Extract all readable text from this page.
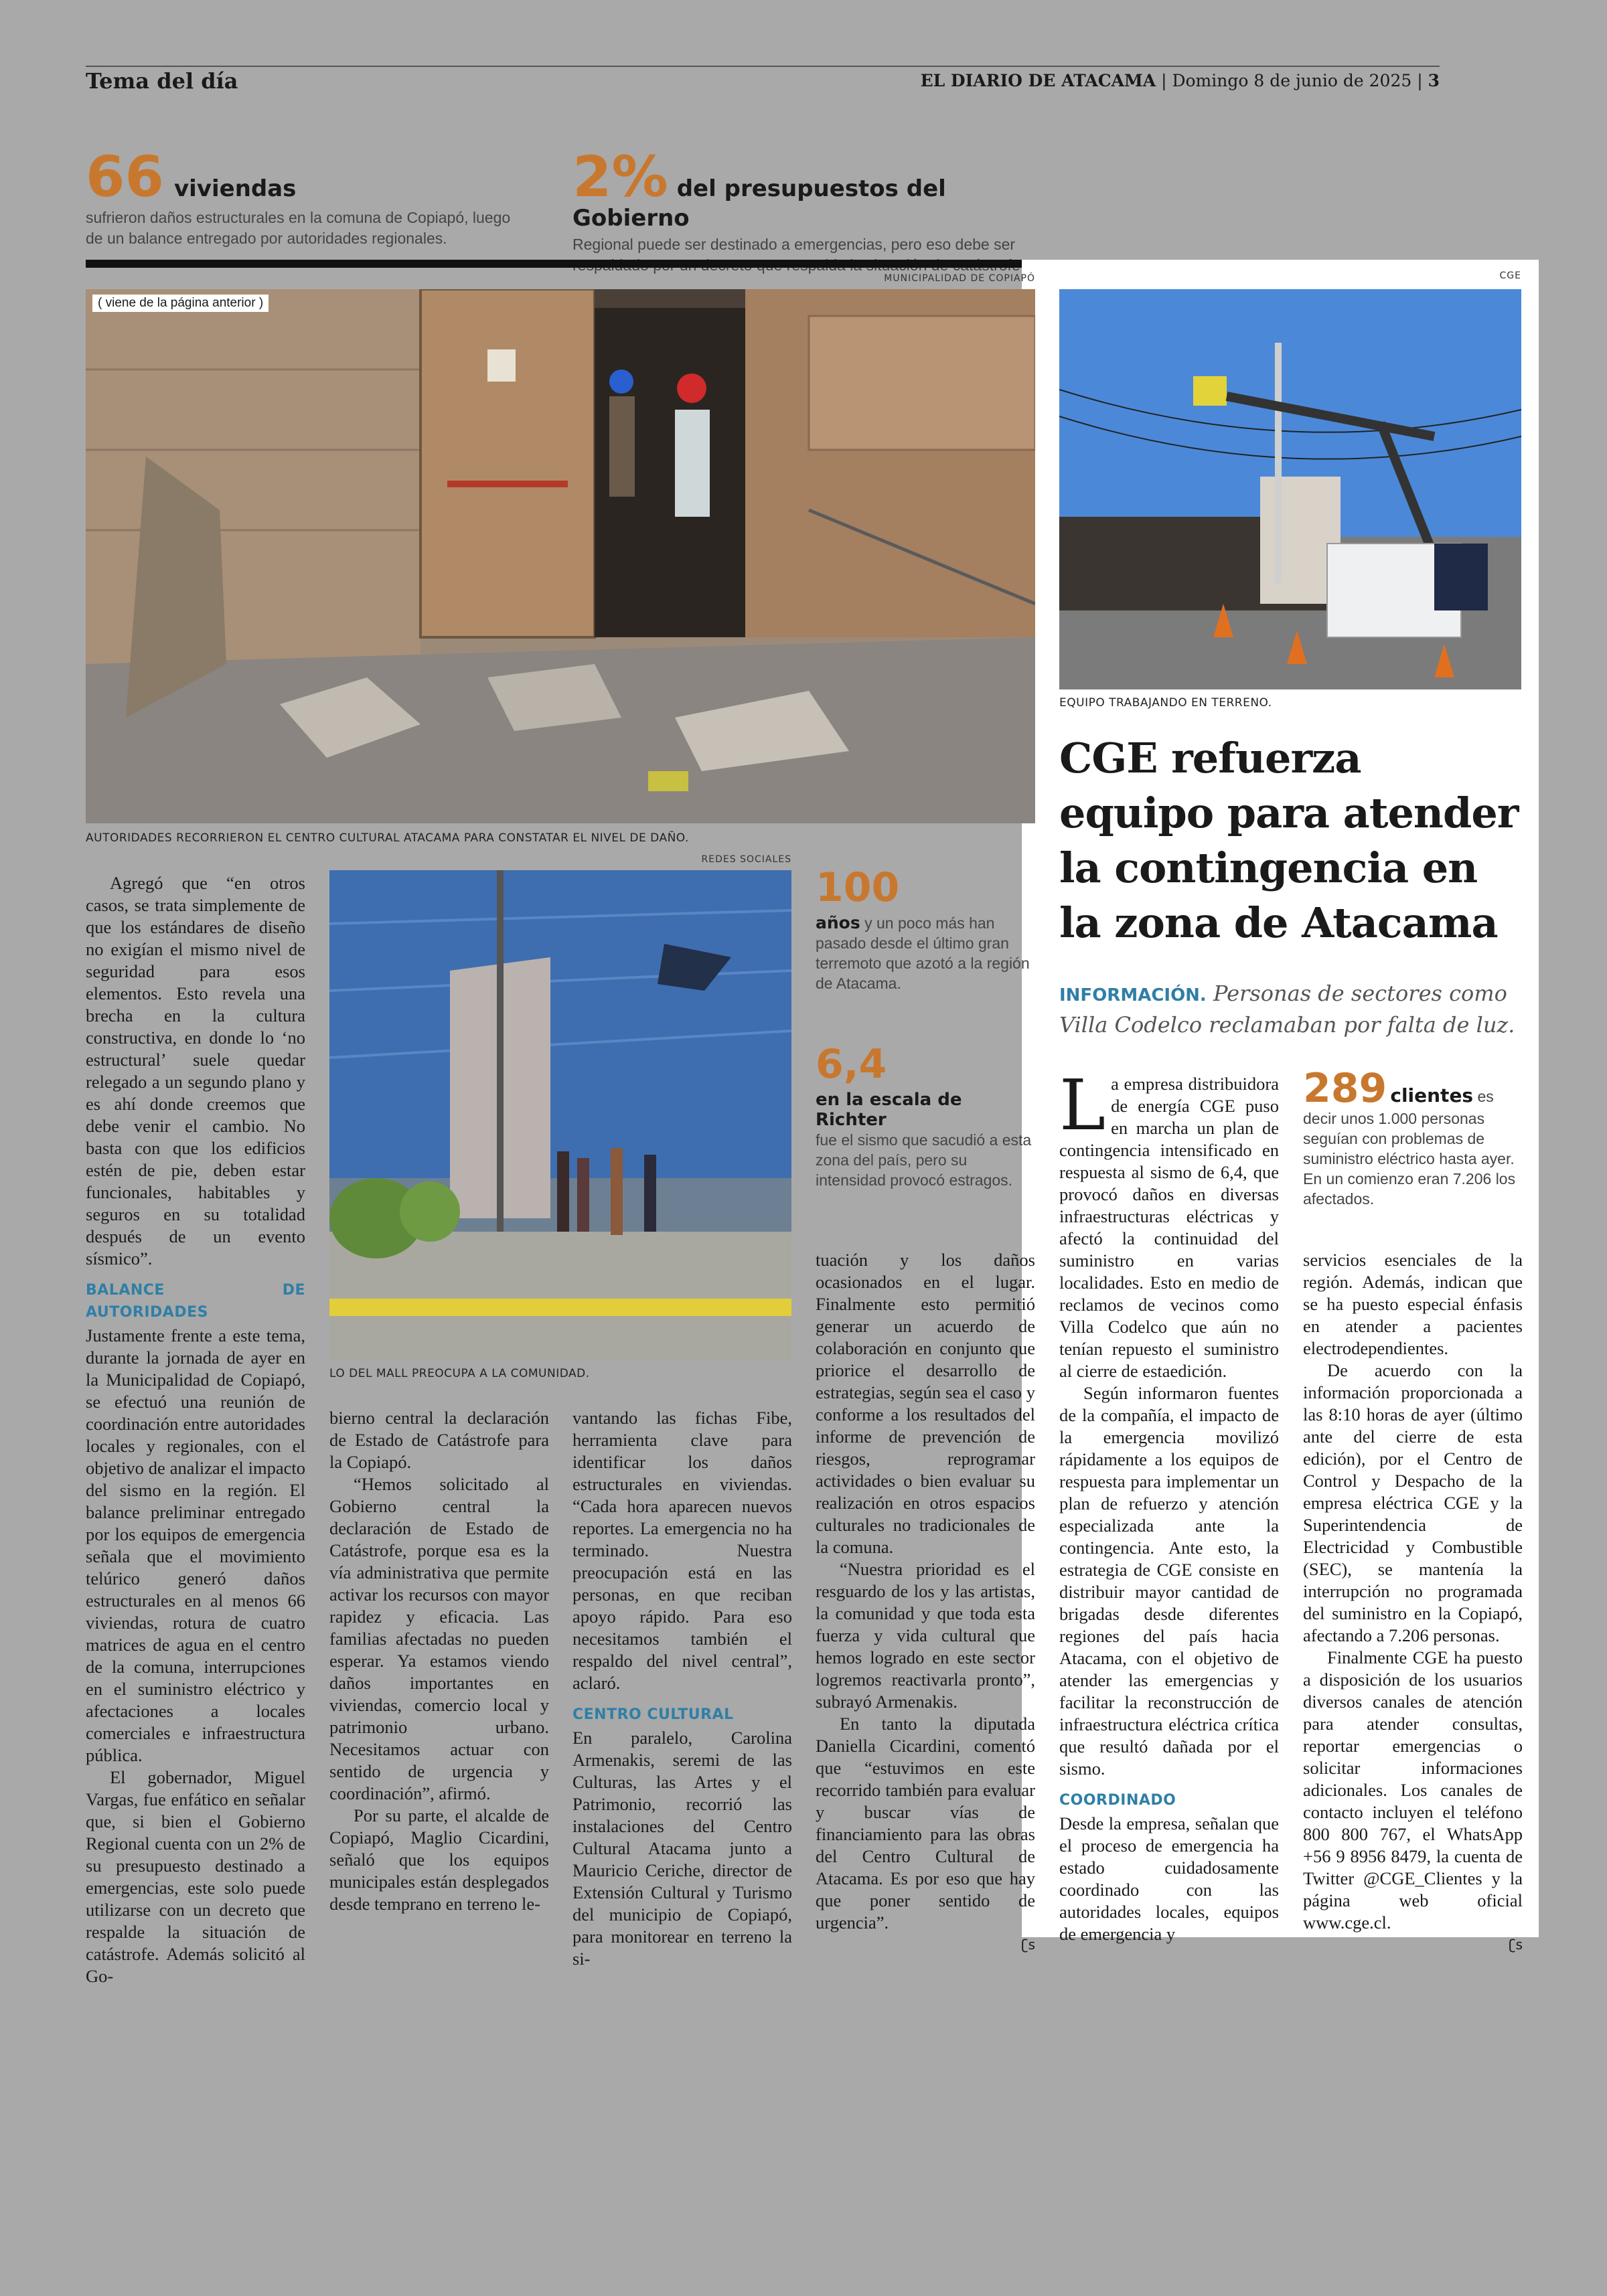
Tema del día	EL DIARIO DE ATACAMA | Domingo 8 de junio de 2025 | 3
66 viviendas
sufrieron daños estructurales en la comuna de Copiapó, luego
de un balance entregado por autoridades regionales.
2% del presupuestos del Gobierno
Regional puede ser destinado a emergencias, pero eso debe ser
MUNICIPALIDAD DE COPIAPÓ
( viene de la página anterior )
AUTORIDADES RECORRIERON EL CENTRO CULTURAL ATACAMA PARA CONSTATAR EL NIVEL DE DAÑO.
REDES SOCIALES
LO DEL MALL PREOCUPA A LA COMUNIDAD.
100
años y un poco más han pasado desde el último gran terremoto que azotó a la región de Atacama.
6,4
en la escala de Richter
fue el sismo que sacudió a esta zona del país, pero su intensidad provocó estragos.

Agregó que “en otros casos, se trata simplemente de que los estándares de diseño no exigían el mismo nivel de seguridad para esos elementos. Esto revela una brecha en la cultura constructiva, en donde lo ‘no estructural’ suele quedar relegado a un segundo plano y es ahí donde creemos que debe venir el cambio. No basta con que los edificios estén de pie, deben estar funcionales, habitables y seguros en su totalidad después de un evento sísmico”.

BALANCE DE AUTORIDADES

Justamente frente a este tema, durante la jornada de ayer en la Municipalidad de Copiapó, se efectuó una reunión de coordinación entre autoridades locales y regionales, con el objetivo de analizar el impacto del sismo en la región. El balance preliminar entregado por los equipos de emergencia señala que el movimiento telúrico generó daños estructurales en al menos 66 viviendas, rotura de cuatro matrices de agua en el centro de la comuna, interrupciones en el suministro eléctrico y afectaciones a locales comerciales e infraestructura pública.

El gobernador, Miguel Vargas, fue enfático en señalar que, si bien el Gobierno Regional cuenta con un 2% de su presupuesto destinado a emergencias, este solo puede utilizarse con un decreto que respalde la situación de catástrofe. Además solicitó al Go-

bierno central la declaración de Estado de Catástrofe para la Copiapó.

“Hemos solicitado al Gobierno central la declaración de Estado de Catástrofe, porque esa es la vía administrativa que permite activar los recursos con mayor rapidez y eficacia. Las familias afectadas no pueden esperar. Ya estamos viendo daños importantes en viviendas, comercio local y patrimonio urbano. Necesitamos actuar con sentido de urgencia y coordinación”, afirmó.

Por su parte, el alcalde de Copiapó, Maglio Cicardini, señaló que los equipos municipales están desplegados desde temprano en terreno le-

vantando las fichas Fibe, herramienta clave para identificar los daños estructurales en viviendas. “Cada hora aparecen nuevos reportes. La emergencia no ha terminado. Nuestra preocupación está en las personas, en que reciban apoyo rápido. Para eso necesitamos también el respaldo del nivel central”, aclaró.

CENTRO CULTURAL

En paralelo, Carolina Armenakis, seremi de las Culturas, las Artes y el Patrimonio, recorrió las instalaciones del Centro Cultural Atacama junto a Mauricio Ceriche, director de Extensión Cultural y Turismo del municipio de Copiapó, para monitorear en terreno la si-

tuación y los daños ocasionados en el lugar. Finalmente esto permitió generar un acuerdo de colaboración en conjunto que priorice el desarrollo de estrategias, según sea el caso y conforme a los resultados del informe de prevención de riesgos, reprogramar actividades o bien evaluar su realización en otros espacios culturales no tradicionales de la comuna.

“Nuestra prioridad es el resguardo de los y las artistas, la comunidad y que toda esta fuerza y vida cultural que hemos logrado en este sector logremos reactivarla pronto”, subrayó Armenakis.

En tanto la diputada Daniella Cicardini, comentó que “estuvimos en este recorrido también para evaluar y buscar vías de financiamiento para las obras del Centro Cultural de Atacama. Es por eso que hay que poner sentido de urgencia”.

ʗꜱ
CGE
EQUIPO TRABAJANDO EN TERRENO.
CGE refuerza equipo para atender la contingencia en la zona de Atacama
INFORMACIÓN. Personas de sectores como Villa Codelco reclamaban por falta de luz.

La empresa distribuidora de energía CGE puso en marcha un plan de contingencia intensificado en respuesta al sismo de 6,4, que provocó daños en diversas infraestructuras eléctricas y afectó la continuidad del suministro en varias localidades. Esto en medio de reclamos de vecinos como Villa Codelco que aún no tenían repuesto el suministro al cierre de estaedición.

Según informaron fuentes de la compañía, el impacto de la emergencia movilizó rápidamente a los equipos de respuesta para implementar un plan de refuerzo y atención especializada ante la contingencia. Ante esto, la estrategia de CGE consiste en distribuir mayor cantidad de brigadas desde diferentes regiones del país hacia Atacama, con el objetivo de atender las emergencias y facilitar la reconstrucción de infraestructura eléctrica crítica que resultó dañada por el sismo.

COORDINADO

Desde la empresa, señalan que el proceso de emergencia ha estado cuidadosamente coordinado con las autoridades locales, equipos de emergencia y

289 clientes es decir unos 1.000 personas seguían con problemas de suministro eléctrico hasta ayer. En un comienzo eran 7.206 los afectados.

servicios esenciales de la región. Además, indican que se ha puesto especial énfasis en atender a pacientes electrodependientes.

De acuerdo con la información proporcionada a las 8:10 horas de ayer (último ante del cierre de esta edición), por el Centro de Control y Despacho de la empresa eléctrica CGE y la Superintendencia de Electricidad y Combustible (SEC), se mantenía la interrupción no programada del suministro en la Copiapó, afectando a 7.206 personas.

Finalmente CGE ha puesto a disposición de los usuarios diversos canales de atención para atender consultas, reportar emergencias o solicitar informaciones adicionales. Los canales de contacto incluyen el teléfono 800 800 767, el WhatsApp +56 9 8956 8479, la cuenta de Twitter @CGE_Clientes y la página web oficial www.cge.cl.

ʗꜱ
